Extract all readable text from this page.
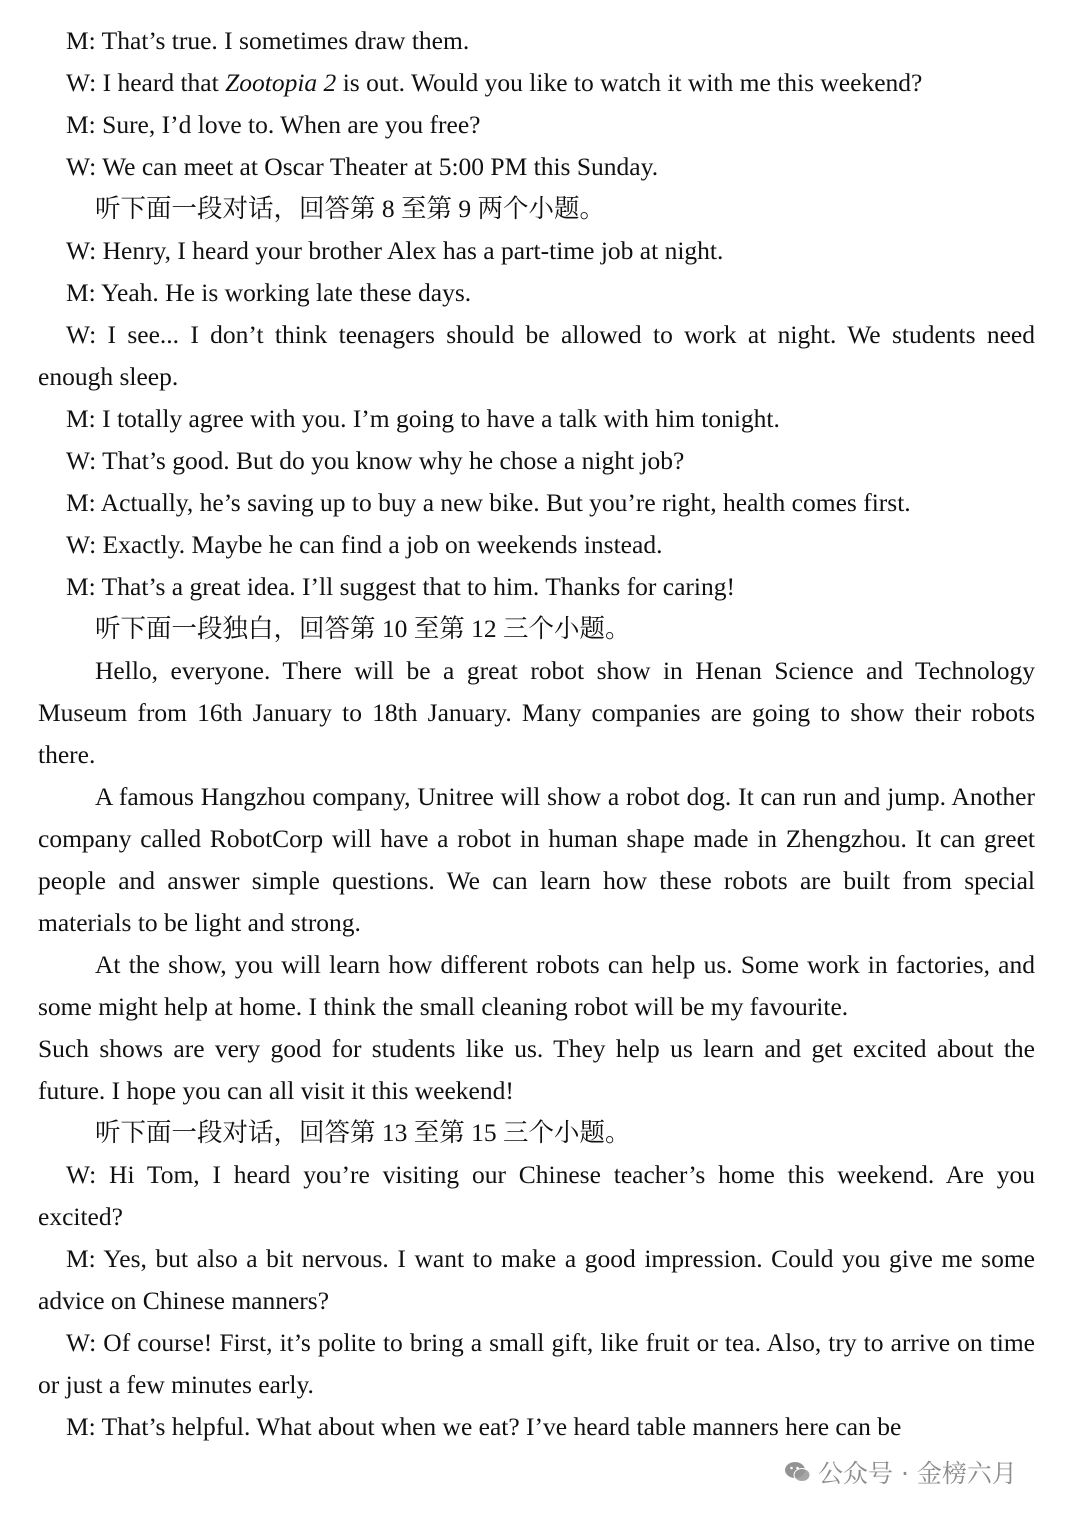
M: That’s true. I sometimes draw them.

W: I heard that Zootopia 2 is out. Would you like to watch it with me this weekend?

M: Sure, I’d love to. When are you free?

W: We can meet at Oscar Theater at 5:00 PM this Sunday.

听下面一段对话，回答第 8 至第 9 两个小题。

W: Henry, I heard your brother Alex has a part-time job at night.

M: Yeah. He is working late these days.

W: I see... I don’t think teenagers should be allowed to work at night. We students need enough sleep.

M: I totally agree with you. I’m going to have a talk with him tonight.

W: That’s good. But do you know why he chose a night job?

M: Actually, he’s saving up to buy a new bike. But you’re right, health comes first.

W: Exactly. Maybe he can find a job on weekends instead.

M: That’s a great idea. I’ll suggest that to him. Thanks for caring!

听下面一段独白，回答第 10 至第 12 三个小题。

Hello, everyone. There will be a great robot show in Henan Science and Technology Museum from 16th January to 18th January. Many companies are going to show their robots there.

A famous Hangzhou company, Unitree will show a robot dog. It can run and jump. Another company called RobotCorp will have a robot in human shape made in Zhengzhou. It can greet people and answer simple questions. We can learn how these robots are built from special materials to be light and strong.

At the show, you will learn how different robots can help us. Some work in factories, and some might help at home. I think the small cleaning robot will be my favourite.

Such shows are very good for students like us. They help us learn and get excited about the future. I hope you can all visit it this weekend!

听下面一段对话，回答第 13 至第 15 三个小题。

W: Hi Tom, I heard you’re visiting our Chinese teacher’s home this weekend. Are you excited?

M: Yes, but also a bit nervous. I want to make a good impression. Could you give me some advice on Chinese manners?

W: Of course! First, it’s polite to bring a small gift, like fruit or tea. Also, try to arrive on time or just a few minutes early.

M: That’s helpful. What about when we eat? I’ve heard table manners here can be

公众号 · 金榜六月
